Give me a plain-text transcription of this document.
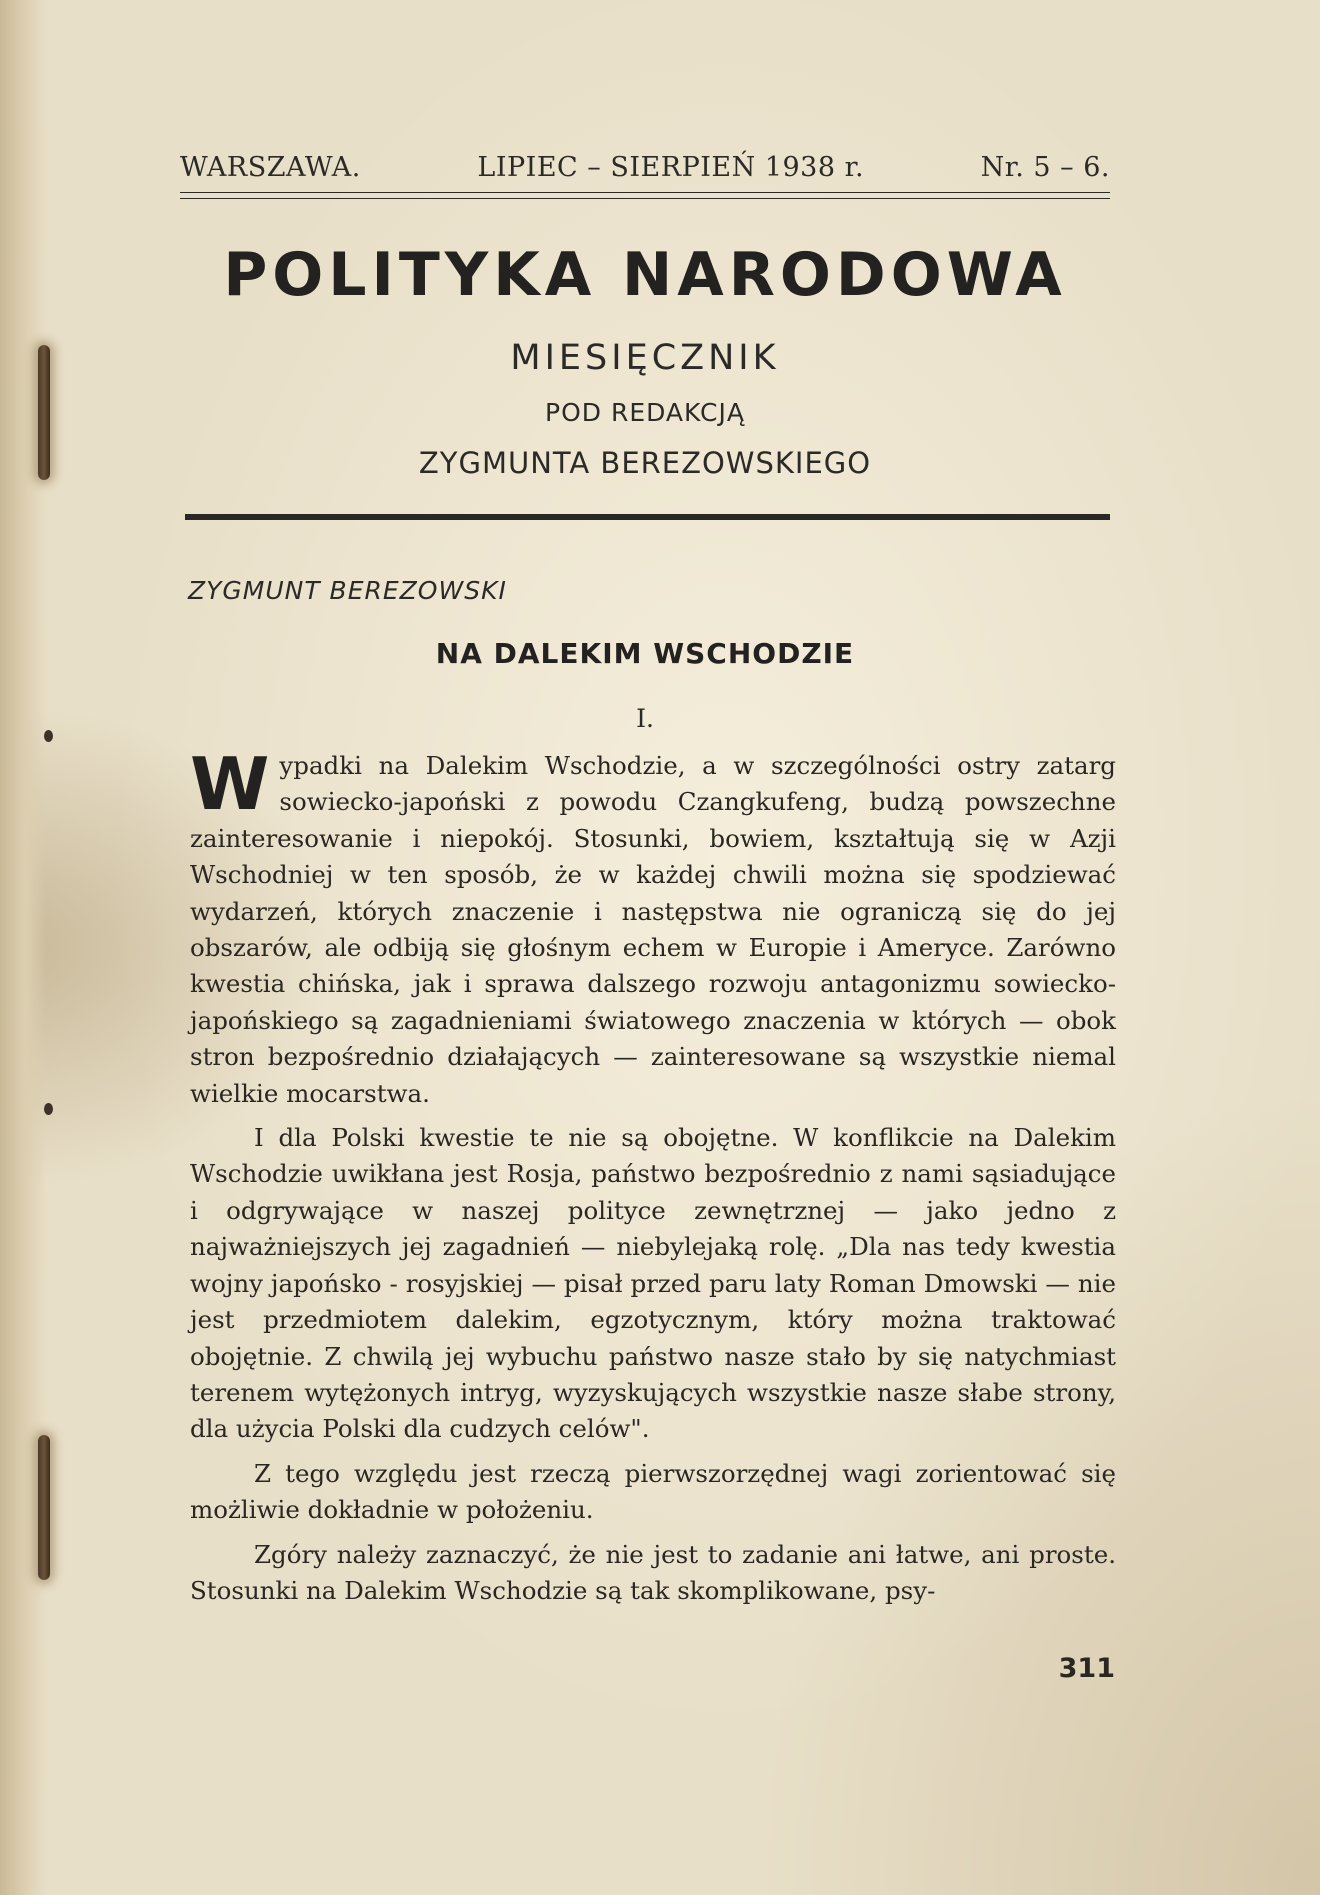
WARSZAWA.	LIPIEC – SIERPIEŃ 1938 r.	Nr. 5 – 6.
POLITYKA NARODOWA
MIESIĘCZNIK
POD REDAKCJĄ
ZYGMUNTA BEREZOWSKIEGO
ZYGMUNT BEREZOWSKI
NA DALEKIM WSCHODZIE
I.

Wypadki na Dalekim Wschodzie, a w szczególności ostry zatarg sowiecko-japoński z powodu Czangkufeng, budzą powszechne zainteresowanie i niepokój. Stosunki, bowiem, kształtują się w Azji Wschodniej w ten sposób, że w każdej chwili można się spodziewać wydarzeń, których znaczenie i następstwa nie ograniczą się do jej obszarów, ale odbiją się głośnym echem w Europie i Ameryce. Zarówno kwestia chińska, jak i sprawa dalszego rozwoju antagonizmu sowiecko-japońskiego są zagadnieniami światowego znaczenia w których — obok stron bezpośrednio działających — zainteresowane są wszystkie niemal wielkie mocarstwa.

I dla Polski kwestie te nie są obojętne. W konflikcie na Dalekim Wschodzie uwikłana jest Rosja, państwo bezpośrednio z nami sąsiadujące i odgrywające w naszej polityce zewnętrznej — jako jedno z najważniejszych jej zagadnień — niebylejaką rolę. „Dla nas tedy kwestia wojny japońsko - rosyjskiej — pisał przed paru laty Roman Dmowski — nie jest przedmiotem dalekim, egzotycznym, który można traktować obojętnie. Z chwilą jej wybuchu państwo nasze stało by się natychmiast terenem wytężonych intryg, wyzyskujących wszystkie nasze słabe strony, dla użycia Polski dla cudzych celów".

Z tego względu jest rzeczą pierwszorzędnej wagi zorientować się możliwie dokładnie w położeniu.

Zgóry należy zaznaczyć, że nie jest to zadanie ani łatwe, ani proste. Stosunki na Dalekim Wschodzie są tak skomplikowane, psy-

311
